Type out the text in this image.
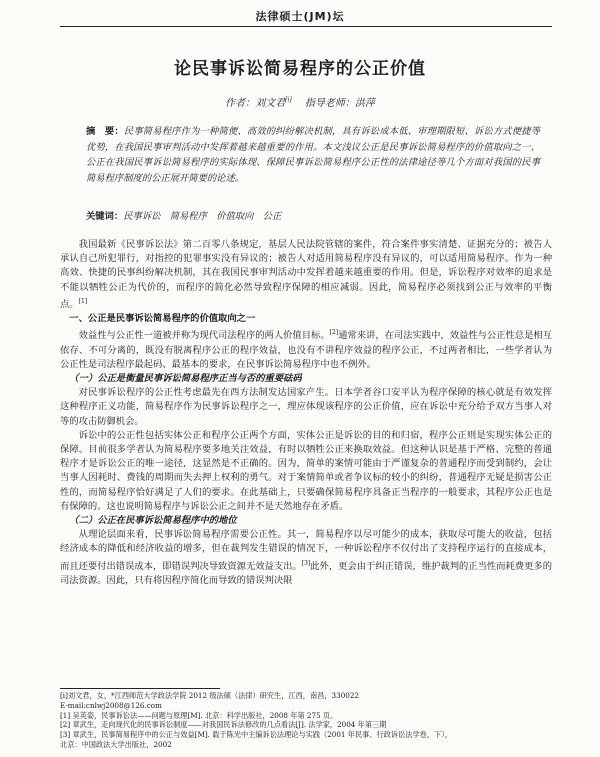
法律硕士(JM)坛
论民事诉讼简易程序的公正价值
作者：刘文君[i]   指导老师：洪萍
摘　要：民事简易程序作为一种简便、高效的纠纷解决机制，具有诉讼成本低、审理期限短、诉讼方式便捷等优势，在我国民事审判活动中发挥着越来越重要的作用。本文浅议公正是民事诉讼简易程序的价值取向之一、公正在我国民事诉讼简易程序的实际体现、保障民事诉讼简易程序公正性的法律途径等几个方面对我国的民事简易程序制度的公正展开简要的论述。
关键词：民事诉讼　简易程序　价值取向　公正

我国最新《民事诉讼法》第二百零八条规定，基层人民法院管辖的案件，符合案件事实清楚、证据充分的；被告人承认自己所犯罪行，对指控的犯罪事实没有异议的；被告人对适用简易程序没有异议的，可以适用简易程序。作为一种高效、快捷的民事纠纷解决机制，其在我国民事审判活动中发挥着越来越重要的作用。但是，诉讼程序对效率的追求是不能以牺牲公正为代价的，而程序的简化必然导致程序保障的相应减弱。因此，简易程序必须找到公正与效率的平衡点。[1]

一、公正是民事诉讼简易程序的价值取向之一

效益性与公正性一道被并称为现代司法程序的两人价值目标。[2]通常来讲，在司法实践中，效益性与公正性总是相互依存、不可分离的，既没有脱离程序公正的程序效益，也没有不讲程序效益的程序公正，不过两者相比，一些学者认为公正性是司法程序最起码、最基本的要求，在民事诉讼简易程序中也不例外。

（一）公正是衡量民事诉讼简易程序正当与否的重要砝码

对民事诉讼程序的公正性考虑最先在西方法制发达国家产生。日本学者谷口安平认为程序保障的核心就是有效发挥这种程序正义功能，简易程序作为民事诉讼程序之一，理应体现该程序的公正价值，应在诉讼中充分给予双方当事人对等的攻击防御机会。

诉讼中的公正性包括实体公正和程序公正两个方面，实体公正是诉讼的目的和归宿，程序公正则是实现实体公正的保障。目前很多学者认为简易程序要多地关注效益，有时以牺牲公正来换取效益。但这种认识是基于严格、完整的普通程序才是诉讼公正的唯一途径，这显然是不正确的。因为，简单的案情可能由于严谨复杂的普通程序而受到制约，会让当事人因耗时、费钱的周期而失去押上权利的勇气。对于案情简单或者争议标的较小的纠纷，普通程序无疑是损害公正性的，而简易程序恰好满足了人们的要求。在此基础上，只要确保简易程序具备正当程序的一般要求，其程序公正也是有保障的。这也说明简易程序与诉讼公正之间并不是天然地存在矛盾。

（二）公正在民事诉讼简易程序中的地位

从理论层面来看，民事诉讼简易程序需要公正性。其一，简易程序以尽可能少的成本，获取尽可能大的收益，包括经济成本的降低和经济收益的增多，但在裁判发生错误的情况下，一种诉讼程序不仅付出了支持程序运行的直接成本，而且还要付出错误成本，即错误判决导致资源无效益支出。[3]此外，更会由于纠正错误，维护裁判的正当性而耗费更多的司法资源。因此，只有将因程序简化而导致的错误判决限

[i]刘文君，女，*江西师范大学政法学院 2012 级法硕（法律）研究生，江西，南昌，330022
E-mail:cnlwj2008@126.com
[1] 吴英姿，民事诉讼法——问题与原理[M]. 北京：科学出版社，2008 年第 275 页。
[2] 章武生，走向现代化的民事诉讼制度——对我国民诉法修改的几点看法[J]. 法学家，2004 年第三期
[3] 章武生，民事简易程序中的公正与效益[M]. 载于陈光中主编诉讼法理论与实践（2001 年民事、行政诉讼法学卷，下），
北京：中国政法大学出版社，2002
